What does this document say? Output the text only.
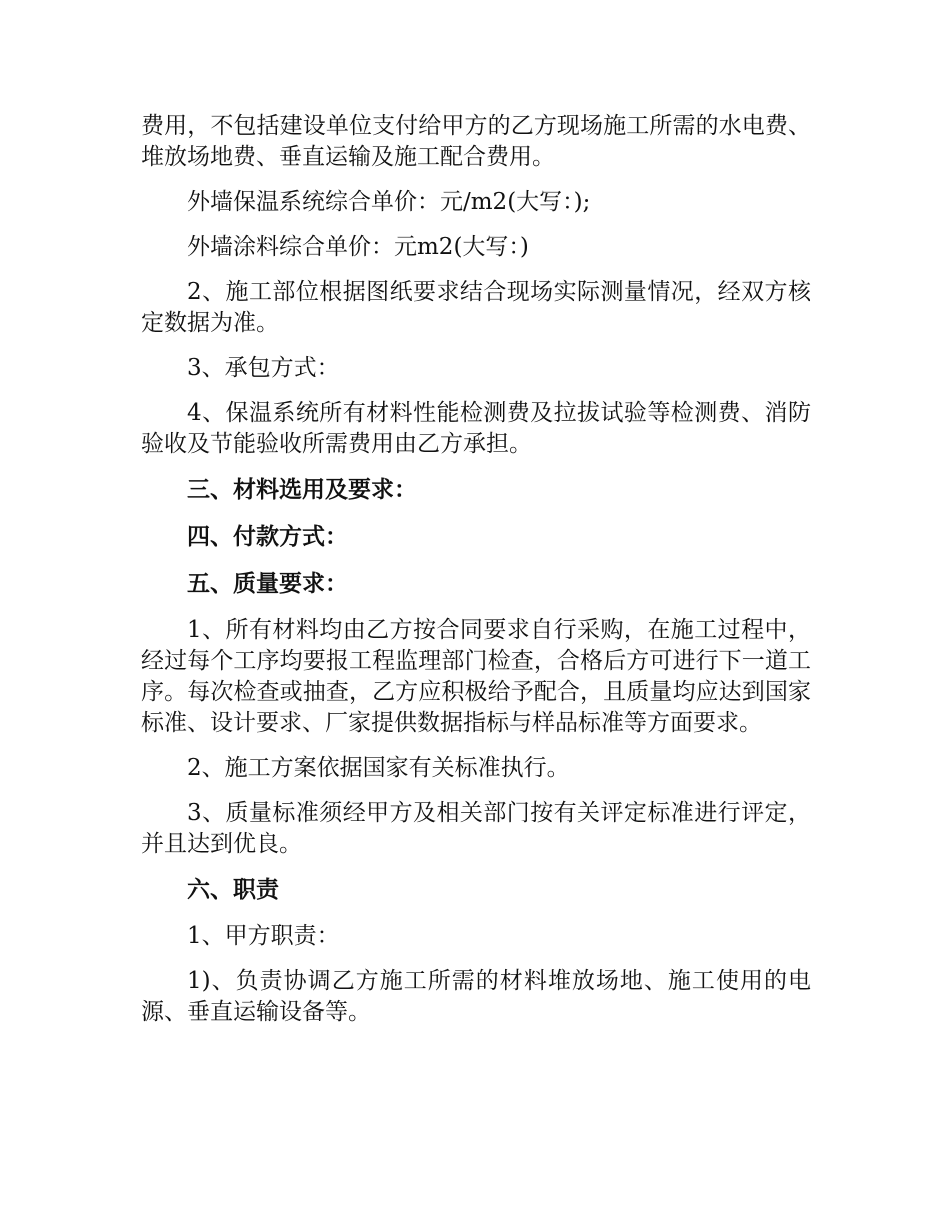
费用，不包括建设单位支付给甲方的乙方现场施工所需的水电费、堆放场地费、垂直运输及施工配合费用。

外墙保温系统综合单价：元/m2(大写：);

外墙涂料综合单价：元m2(大写：)

2、施工部位根据图纸要求结合现场实际测量情况，经双方核定数据为准。

3、承包方式：

4、保温系统所有材料性能检测费及拉拔试验等检测费、消防验收及节能验收所需费用由乙方承担。

三、材料选用及要求：

四、付款方式：

五、质量要求：

1、所有材料均由乙方按合同要求自行采购，在施工过程中，经过每个工序均要报工程监理部门检查，合格后方可进行下一道工序。每次检查或抽查，乙方应积极给予配合，且质量均应达到国家标准、设计要求、厂家提供数据指标与样品标准等方面要求。

2、施工方案依据国家有关标准执行。

3、质量标准须经甲方及相关部门按有关评定标准进行评定，并且达到优良。

六、职责

1、甲方职责：

1)、负责协调乙方施工所需的材料堆放场地、施工使用的电源、垂直运输设备等。
